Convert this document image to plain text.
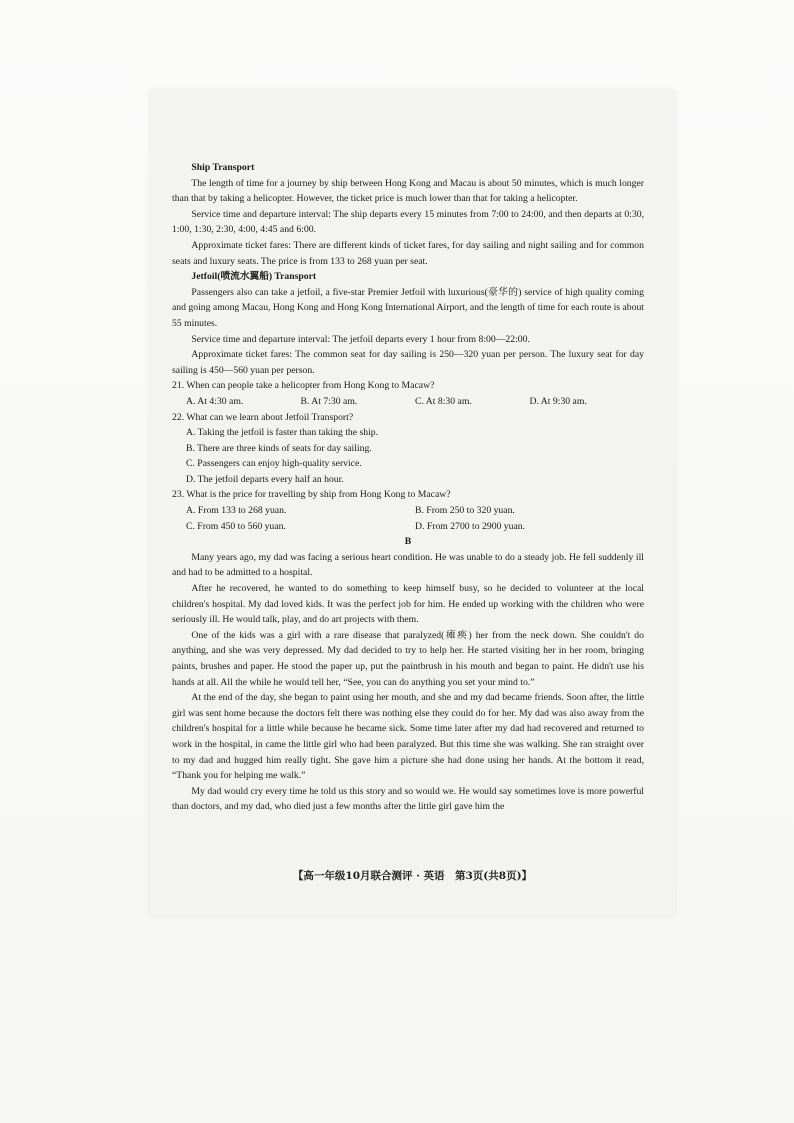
Ship Transport

The length of time for a journey by ship between Hong Kong and Macau is about 50 minutes, which is much longer than that by taking a helicopter. However, the ticket price is much lower than that for taking a helicopter.

Service time and departure interval: The ship departs every 15 minutes from 7:00 to 24:00, and then departs at 0:30, 1:00, 1:30, 2:30, 4:00, 4:45 and 6:00.

Approximate ticket fares: There are different kinds of ticket fares, for day sailing and night sailing and for common seats and luxury seats. The price is from 133 to 268 yuan per seat.

Jetfoil(喷流水翼船) Transport

Passengers also can take a jetfoil, a five-star Premier Jetfoil with luxurious(豪华的) service of high quality coming and going among Macau, Hong Kong and Hong Kong International Airport, and the length of time for each route is about 55 minutes.

Service time and departure interval: The jetfoil departs every 1 hour from 8:00—22:00.

Approximate ticket fares: The common seat for day sailing is 250—320 yuan per person. The luxury seat for day sailing is 450—560 yuan per person.

21. When can people take a helicopter from Hong Kong to Macaw?

A. At 4:30 am.	B. At 7:30 am.	C. At 8:30 am.	D. At 9:30 am.

22. What can we learn about Jetfoil Transport?

A. Taking the jetfoil is faster than taking the ship.
B. There are three kinds of seats for day sailing.
C. Passengers can enjoy high-quality service.
D. The jetfoil departs every half an hour.

23. What is the price for travelling by ship from Hong Kong to Macaw?

A. From 133 to 268 yuan.	B. From 250 to 320 yuan.
C. From 450 to 560 yuan.	D. From 2700 to 2900 yuan.

B

Many years ago, my dad was facing a serious heart condition. He was unable to do a steady job. He fell suddenly ill and had to be admitted to a hospital.

After he recovered, he wanted to do something to keep himself busy, so he decided to volunteer at the local children's hospital. My dad loved kids. It was the perfect job for him. He ended up working with the children who were seriously ill. He would talk, play, and do art projects with them.

One of the kids was a girl with a rare disease that paralyzed(瘫痪) her from the neck down. She couldn't do anything, and she was very depressed. My dad decided to try to help her. He started visiting her in her room, bringing paints, brushes and paper. He stood the paper up, put the paintbrush in his mouth and began to paint. He didn't use his hands at all. All the while he would tell her, “See, you can do anything you set your mind to.”

At the end of the day, she began to paint using her mouth, and she and my dad became friends. Soon after, the little girl was sent home because the doctors felt there was nothing else they could do for her. My dad was also away from the children's hospital for a little while because he became sick. Some time later after my dad had recovered and returned to work in the hospital, in came the little girl who had been paralyzed. But this time she was walking. She ran straight over to my dad and hugged him really tight. She gave him a picture she had done using her hands. At the bottom it read, “Thank you for helping me walk.”

My dad would cry every time he told us this story and so would we. He would say sometimes love is more powerful than doctors, and my dad, who died just a few months after the little girl gave him the

【高一年级10月联合测评 · 英语　第3页(共8页)】
